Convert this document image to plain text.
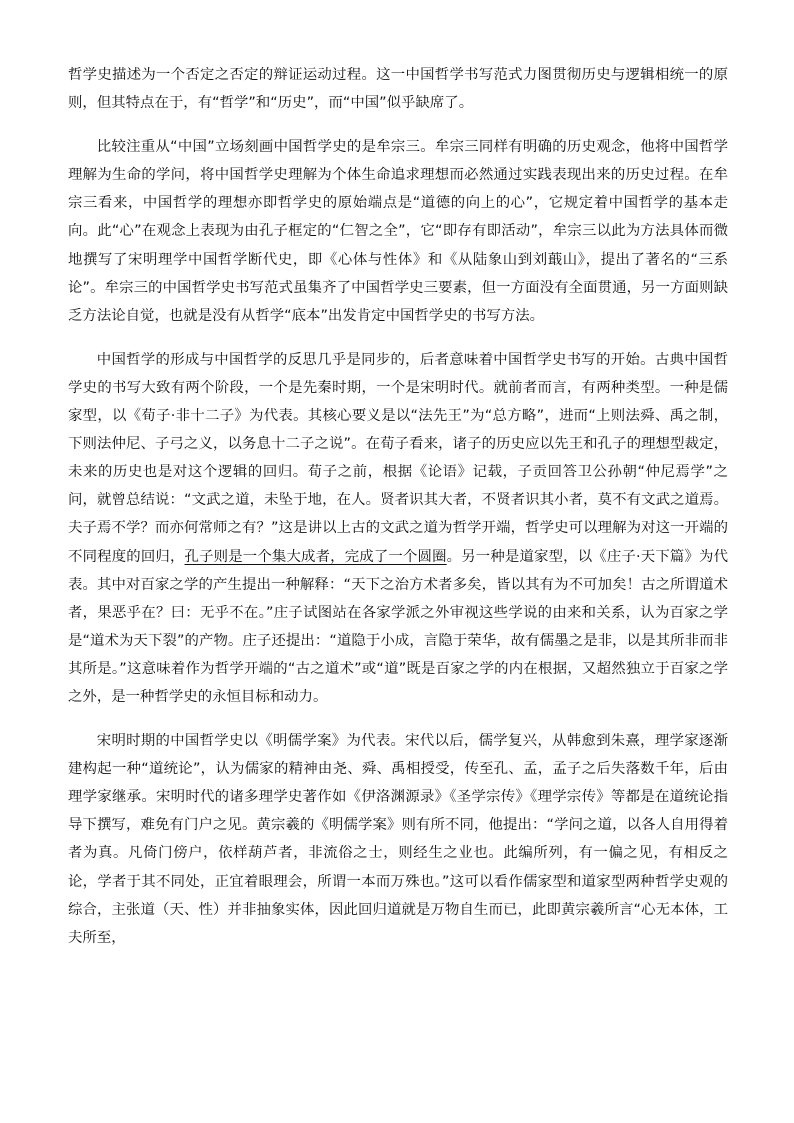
哲学史描述为一个否定之否定的辩证运动过程。这一中国哲学书写范式力图贯彻历史与逻辑相统一的原则，但其特点在于，有“哲学”和“历史”，而“中国”似乎缺席了。

比较注重从“中国”立场刻画中国哲学史的是牟宗三。牟宗三同样有明确的历史观念，他将中国哲学理解为生命的学问，将中国哲学史理解为个体生命追求理想而必然通过实践表现出来的历史过程。在牟宗三看来，中国哲学的理想亦即哲学史的原始端点是“道德的向上的心”，它规定着中国哲学的基本走向。此“心”在观念上表现为由孔子框定的“仁智之全”，它“即存有即活动”，牟宗三以此为方法具体而微地撰写了宋明理学中国哲学断代史，即《心体与性体》和《从陆象山到刘蕺山》，提出了著名的“三系论”。牟宗三的中国哲学史书写范式虽集齐了中国哲学史三要素，但一方面没有全面贯通，另一方面则缺乏方法论自觉，也就是没有从哲学“底本”出发肯定中国哲学史的书写方法。

中国哲学的形成与中国哲学的反思几乎是同步的，后者意味着中国哲学史书写的开始。古典中国哲学史的书写大致有两个阶段，一个是先秦时期，一个是宋明时代。就前者而言，有两种类型。一种是儒家型，以《荀子·非十二子》为代表。其核心要义是以“法先王”为“总方略”，进而“上则法舜、禹之制，下则法仲尼、子弓之义，以务息十二子之说”。在荀子看来，诸子的历史应以先王和孔子的理想型裁定，未来的历史也是对这个逻辑的回归。荀子之前，根据《论语》记载，子贡回答卫公孙朝“仲尼焉学”之问，就曾总结说：“文武之道，未坠于地，在人。贤者识其大者，不贤者识其小者，莫不有文武之道焉。夫子焉不学？而亦何常师之有？”这是讲以上古的文武之道为哲学开端，哲学史可以理解为对这一开端的不同程度的回归，孔子则是一个集大成者，完成了一个圆圈。另一种是道家型，以《庄子·天下篇》为代表。其中对百家之学的产生提出一种解释：“天下之治方术者多矣，皆以其有为不可加矣！古之所谓道术者，果恶乎在？曰：无乎不在。”庄子试图站在各家学派之外审视这些学说的由来和关系，认为百家之学是“道术为天下裂”的产物。庄子还提出：“道隐于小成，言隐于荣华，故有儒墨之是非，以是其所非而非其所是。”这意味着作为哲学开端的“古之道术”或“道”既是百家之学的内在根据，又超然独立于百家之学之外，是一种哲学史的永恒目标和动力。

宋明时期的中国哲学史以《明儒学案》为代表。宋代以后，儒学复兴，从韩愈到朱熹，理学家逐渐建构起一种“道统论”，认为儒家的精神由尧、舜、禹相授受，传至孔、孟，孟子之后失落数千年，后由理学家继承。宋明时代的诸多理学史著作如《伊洛渊源录》《圣学宗传》《理学宗传》等都是在道统论指导下撰写，难免有门户之见。黄宗羲的《明儒学案》则有所不同，他提出：“学问之道，以各人自用得着者为真。凡倚门傍户，依样葫芦者，非流俗之士，则经生之业也。此编所列，有一偏之见，有相反之论，学者于其不同处，正宜着眼理会，所谓一本而万殊也。”这可以看作儒家型和道家型两种哲学史观的综合，主张道（天、性）并非抽象实体，因此回归道就是万物自生而已，此即黄宗羲所言“心无本体，工夫所至，
